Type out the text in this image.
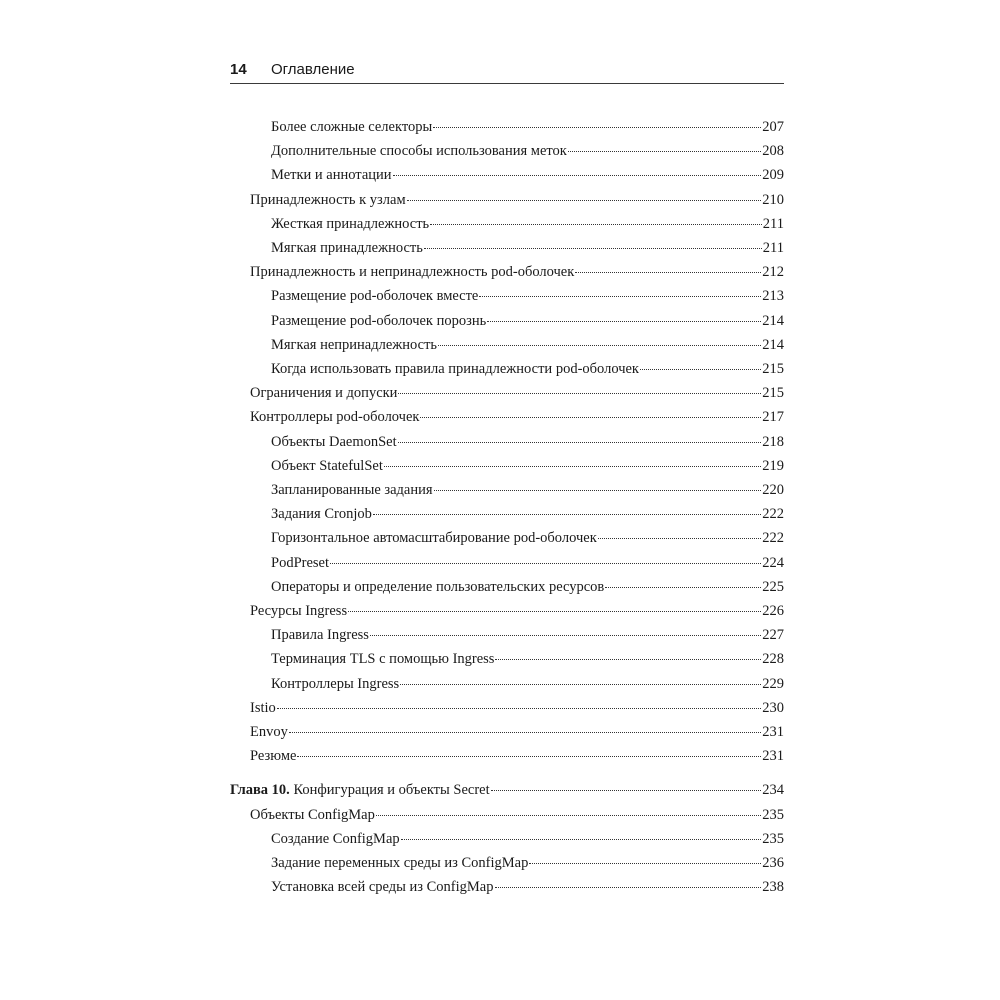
14 Оглавление
Более сложные селекторы	207
Дополнительные способы использования меток	208
Метки и аннотации	209
Принадлежность к узлам	210
Жесткая принадлежность	211
Мягкая принадлежность	211
Принадлежность и непринадлежность pod-оболочек	212
Размещение pod-оболочек вместе	213
Размещение pod-оболочек порознь	214
Мягкая непринадлежность	214
Когда использовать правила принадлежности pod-оболочек	215
Ограничения и допуски	215
Контроллеры pod-оболочек	217
Объекты DaemonSet	218
Объект StatefulSet	219
Запланированные задания	220
Задания Cronjob	222
Горизонтальное автомасштабирование pod-оболочек	222
PodPreset	224
Операторы и определение пользовательских ресурсов	225
Ресурсы Ingress	226
Правила Ingress	227
Терминация TLS с помощью Ingress	228
Контроллеры Ingress	229
Istio	230
Envoy	231
Резюме	231
Глава 10. Конфигурация и объекты Secret	234
Объекты ConfigMap	235
Создание ConfigMap	235
Задание переменных среды из ConfigMap	236
Установка всей среды из ConfigMap	238
